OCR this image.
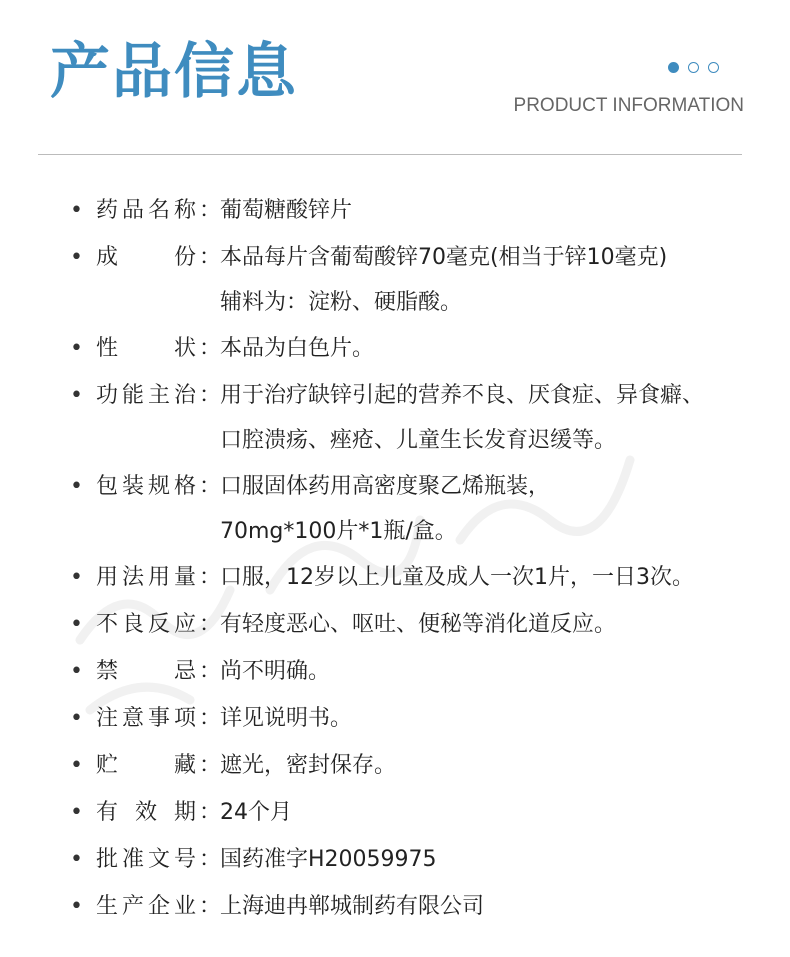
产品信息	PRODUCT INFORMATION
• 药 品 名 称 ：
葡萄糖酸锌片
• 成	份 ：
本品每片含葡萄酸锌70毫克(相当于锌10毫克)
辅料为：淀粉、硬脂酸。
• 性	状 ：
本品为白色片。
• 功 能 主 治 ：
用于治疗缺锌引起的营养不良、厌食症、异食癖、
口腔溃疡、痤疮、儿童生长发育迟缓等。
• 包 装 规 格 ：
口服固体药用高密度聚乙烯瓶装，
70mg*100片*1瓶/盒。
• 用 法 用 量 ：
口服，12岁以上儿童及成人一次1片，一日3次。
• 不 良 反 应 ：
有轻度恶心、呕吐、便秘等消化道反应。
• 禁	忌 ：
尚不明确。
• 注 意 事 项 ：
详见说明书。
• 贮	藏 ：
遮光，密封保存。
• 有 效 期 ：
24个月
• 批 准 文 号 ：
国药准字H20059975
• 生 产 企 业 ：
上海迪冉郸城制药有限公司
